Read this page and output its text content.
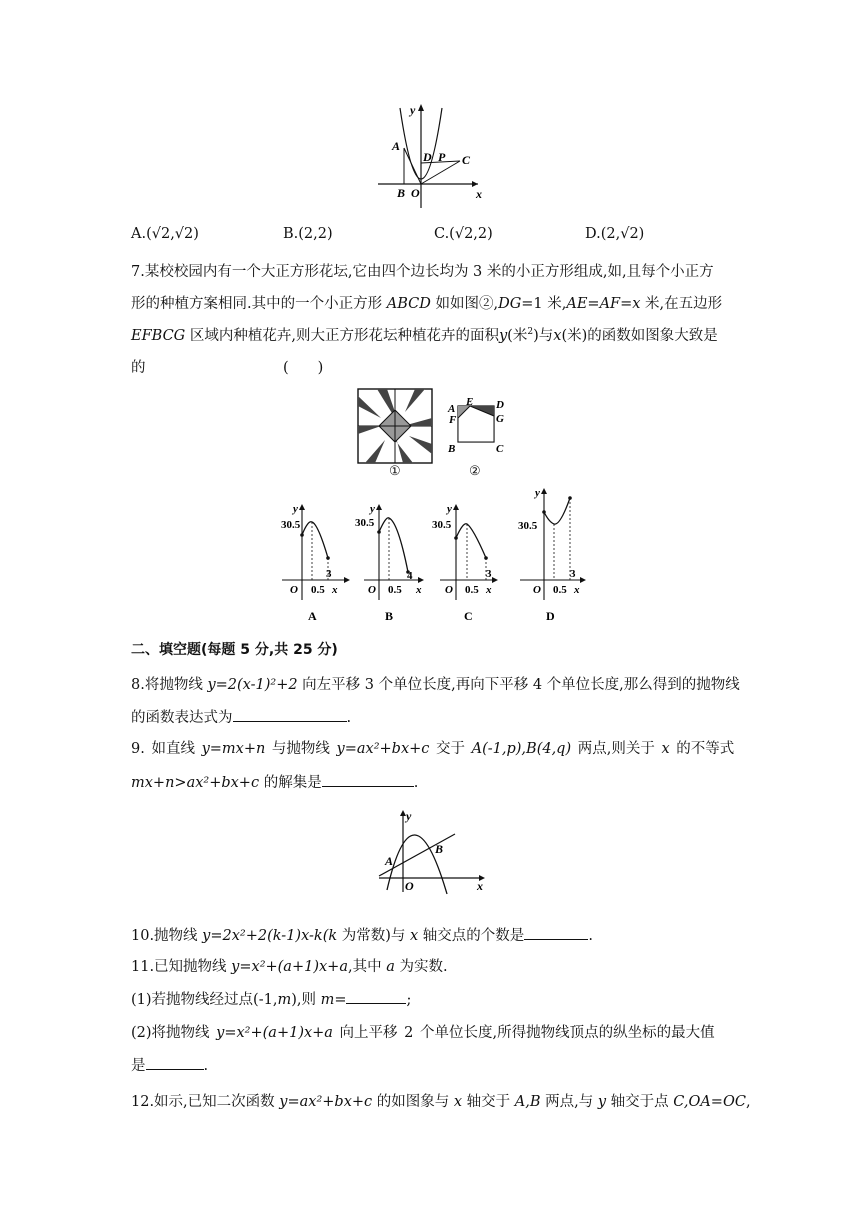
y
A
D P C
B O	x
A.(√2,√2)	B.(2,2)	C.(√2,2)	D.(2,√2)
7.某校校园内有一个大正方形花坛,它由四个边长均为 3 米的小正方形组成,如,且每个小正方
形的种植方案相同.其中的一个小正方形 ABCD 如如图②,DG=1 米,AE=AF=x 米,在五边形
EFBCG 区域内种植花卉,则大正方形花坛种植花卉的面积y(米$^2$)与x(米)的函数如图象大致是
的	(　　)
①
A
E D
F	G
B	C
②
y
30.5
3
O 0.5 x
A
y
30.5
4
O 0.5 x
B
y
30.5
3
O 0.5 x
C
y
30.5
3
O 0.5 x
D
二、填空题(每题 5 分,共 25 分)
8.将抛物线 y=2(x-1)²+2 向左平移 3 个单位长度,再向下平移 4 个单位长度,那么得到的抛物线
的函数表达式为	.
9. 如直线 y=mx+n 与抛物线 y=ax²+bx+c 交于 A(-1,p),B(4,q) 两点,则关于 x 的不等式
mx+n>ax²+bx+c 的解集是	.
y
A
B
O	x
10.抛物线 y=2x²+2(k-1)x-k(k 为常数)与 x 轴交点的个数是	.
11.已知抛物线 y=x²+(a+1)x+a,其中 a 为实数.
(1)若抛物线经过点(-1,m),则 m=	;
(2)将抛物线 y=x²+(a+1)x+a 向上平移 2 个单位长度,所得抛物线顶点的纵坐标的最大值
是	.
12.如示,已知二次函数 y=ax²+bx+c 的如图象与 x 轴交于 A,B 两点,与 y 轴交于点 C,OA=OC,
